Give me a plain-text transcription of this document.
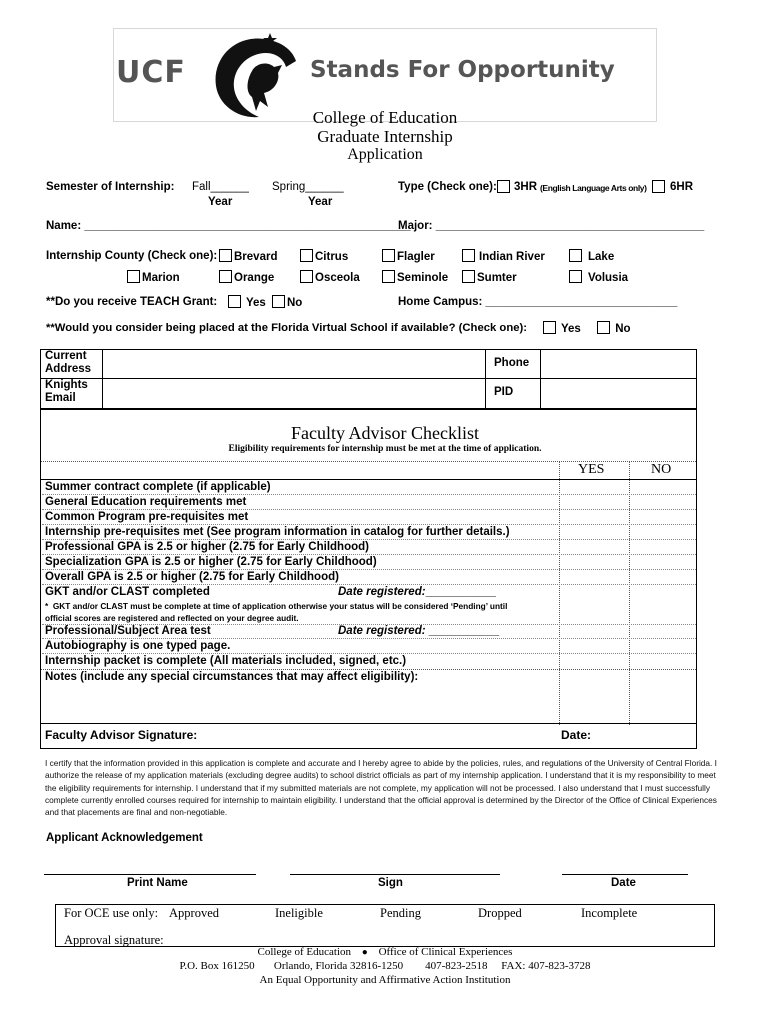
UCF	Stands For Opportunity
College of Education
Graduate Internship
Application
Semester of Internship: Fall______
Year
Spring______
Year
Type (Check one): 3HR (English Language Arts only) 6HR
Name: ___________________________________________________
Major: __________________________________________
Internship County (Check one):	Brevard	Citrus	Flagler	Indian River	Lake
Marion	Orange	Osceola	Seminole	Sumter	Volusia
**Do you receive TEACH Grant:	Yes	No	Home Campus: ______________________________
**Would you consider being placed at the Florida Virtual School if available? (Check one):	Yes	No
Current
Address	Phone
Knights
Email	PID
Faculty Advisor Checklist
Eligibility requirements for internship must be met at the time of application.
YES	NO
Summer contract complete (if applicable)
General Education requirements met
Common Program pre-requisites met
Internship pre-requisites met (See program information in catalog for further details.)
Professional GPA is 2.5 or higher (2.75 for Early Childhood)
Specialization GPA is 2.5 or higher (2.75 for Early Childhood)
Overall GPA is 2.5 or higher (2.75 for Early Childhood)
GKT and/or CLAST completed	Date registered:___________
*  GKT and/or CLAST must be complete at time of application otherwise your status will be considered ‘Pending’ until
official scores are registered and reflected on your degree audit.
Professional/Subject Area test	Date registered: ___________
Autobiography is one typed page.
Internship packet is complete (All materials included, signed, etc.)
Notes (include any special circumstances that may affect eligibility):
Faculty Advisor Signature:	Date:
I certify that the information provided in this application is complete and accurate and I hereby agree to abide by the policies, rules, and regulations of the University of Central Florida. I authorize the release of my application materials (excluding degree audits) to school district officials as part of my internship application. I understand that it is my responsibility to meet the eligibility requirements for internship. I understand that if my submitted materials are not complete, my application will not be processed. I also understand that I must successfully complete currently enrolled courses required for internship to maintain eligibility. I understand that the official approval is determined by the Director of the Office of Clinical Experiences and that placements are final and non-negotiable.
Applicant Acknowledgement
Print Name	Sign	Date
For OCE use only: Approved	Ineligible	Pending	Dropped	Incomplete
Approval signature:
College of Education ● Office of Clinical Experiences
P.O. Box 161250       Orlando, Florida 32816-1250        407-823-2518     FAX: 407-823-3728
An Equal Opportunity and Affirmative Action Institution
